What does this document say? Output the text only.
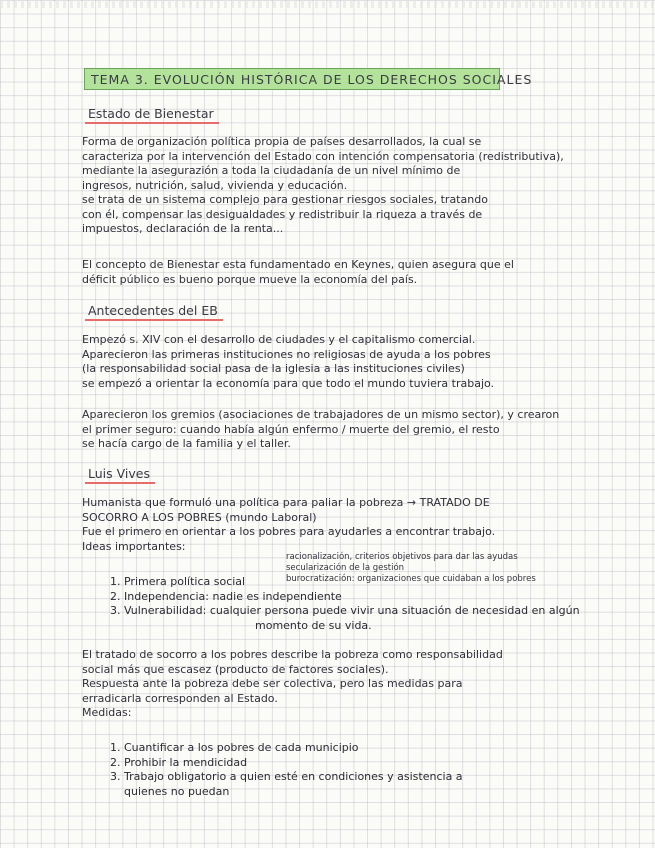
TEMA 3. EVOLUCIÓN HISTÓRICA DE LOS DERECHOS SOCIALES
Estado de Bienestar

Forma de organización política propia de países desarrollados, la cual se

caracteriza por la intervención del Estado con intención compensatoria (redistributiva),

mediante la asegurazión a toda la ciudadanía de un nivel mínimo de

ingresos, nutrición, salud, vivienda y educación.

se trata de un sistema complejo para gestionar riesgos sociales, tratando

con él, compensar las desigualdades y redistribuir la riqueza a través de

impuestos, declaración de la renta...

El concepto de Bienestar esta fundamentado en Keynes, quien asegura que el

déficit público es bueno porque mueve la economía del país.

Antecedentes del EB

Empezó s. XIV con el desarrollo de ciudades y el capitalismo comercial.

Aparecieron las primeras instituciones no religiosas de ayuda a los pobres

(la responsabilidad social pasa de la iglesia a las instituciones civiles)

se empezó a orientar la economía para que todo el mundo tuviera trabajo.

Aparecieron los gremios (asociaciones de trabajadores de un mismo sector), y crearon

el primer seguro: cuando había algún enfermo / muerte del gremio, el resto

se hacía cargo de la familia y el taller.

Luis Vives

Humanista que formuló una política para paliar la pobreza → TRATADO DE

SOCORRO A LOS POBRES (mundo Laboral)

Fue el primero en orientar a los pobres para ayudarles a encontrar trabajo.

Ideas importantes:

racionalización, criterios objetivos para dar las ayudas
secularización de la gestión
burocratización: organizaciones que cuidaban a los pobres

1. Primera política social

2. Independencia: nadie es independiente

3. Vulnerabilidad: cualquier persona puede vivir una situación de necesidad en algún

momento de su vida.

El tratado de socorro a los pobres describe la pobreza como responsabilidad

social más que escasez (producto de factores sociales).

Respuesta ante la pobreza debe ser colectiva, pero las medidas para

erradicarla corresponden al Estado.

Medidas:

1. Cuantificar a los pobres de cada municipio

2. Prohibir la mendicidad

3. Trabajo obligatorio a quien esté en condiciones y asistencia a

quienes no puedan
